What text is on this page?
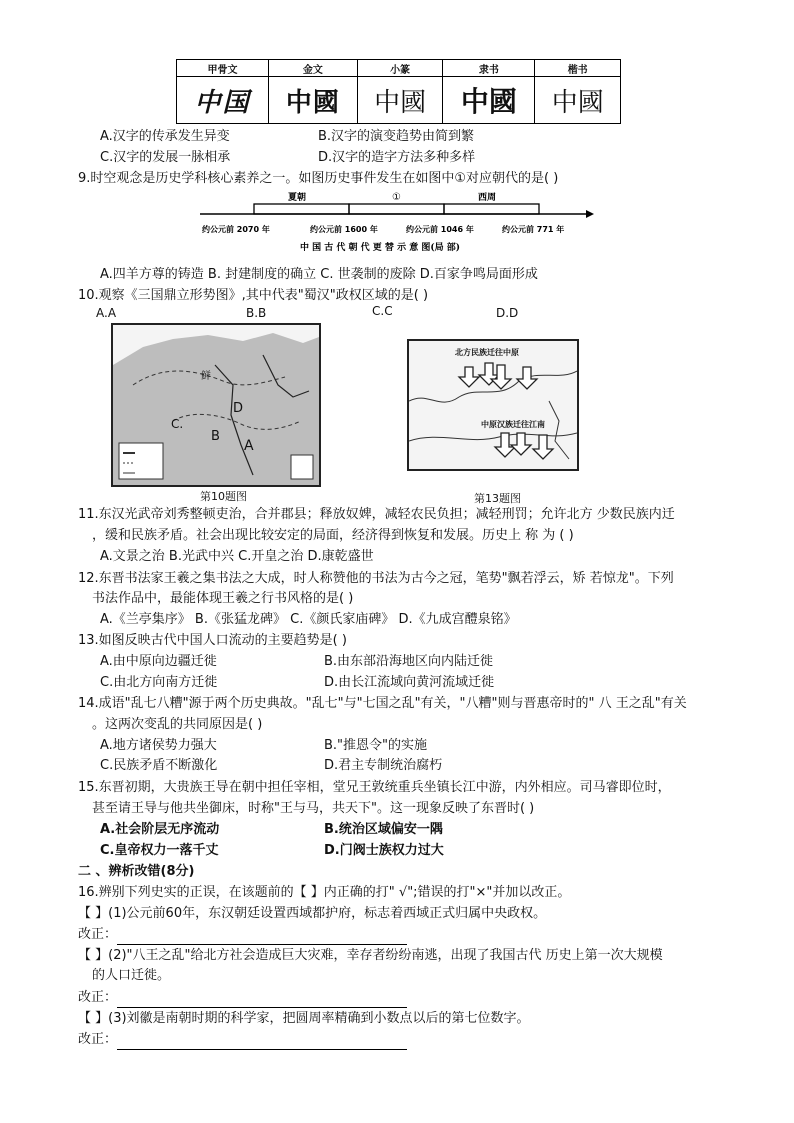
甲骨文	金文	小篆	隶书	楷书
中国	中國	中國	中國	中國
A.汉字的传承发生异变	B.汉字的演变趋势由简到繁
C.汉字的发展一脉相承	D.汉字的造字方法多种多样
9.时空观念是历史学科核心素养之一。如图历史事件发生在如图中①对应朝代的是( )
夏朝	①	西周
约公元前 2070 年	约公元前 1600 年	约公元前 1046 年	约公元前 771 年
中 国 古 代 朝 代 更 替 示 意 图(局 部)
A.四羊方尊的铸造 B. 封建制度的确立 C. 世袭制的废除 D.百家争鸣局面形成
10.观察《三国鼎立形势图》,其中代表"蜀汉"政权区域的是( )
A.A	B.B	C.C	D.D
A
B
C.
D
鲜
第10题图
北方民族迁往中原
中原汉族迁往江南
第13题图
11.东汉光武帝刘秀整顿吏治，合并郡县；释放奴婢，减轻农民负担；减轻刑罚；允许北方 少数民族内迁
，缓和民族矛盾。社会出现比较安定的局面，经济得到恢复和发展。历史上 称 为 ( )
A.文景之治 B.光武中兴 C.开皇之治 D.康乾盛世
12.东晋书法家王羲之集书法之大成，时人称赞他的书法为古今之冠，笔势"飘若浮云，矫 若惊龙"。下列
书法作品中，最能体现王羲之行书风格的是( )
A.《兰亭集序》 B.《张猛龙碑》 C.《颜氏家庙碑》 D.《九成宫醴泉铭》
13.如图反映古代中国人口流动的主要趋势是( )
A.由中原向边疆迁徙	B.由东部沿海地区向内陆迁徙
C.由北方向南方迁徙	D.由长江流域向黄河流域迁徙
14.成语"乱七八糟"源于两个历史典故。"乱七"与"七国之乱"有关，"八糟"则与晋惠帝时的" 八 王之乱"有关
。这两次变乱的共同原因是( )
A.地方诸侯势力强大	B."推恩令"的实施
C.民族矛盾不断激化	D.君主专制统治腐朽
15.东晋初期，大贵族王导在朝中担任宰相，堂兄王敦统重兵坐镇长江中游，内外相应。司马睿即位时，
甚至请王导与他共坐御床，时称"王与马，共天下"。这一现象反映了东晋时( )
A.社会阶层无序流动	B.统治区域偏安一隅
C.皇帝权力一落千丈	D.门阀士族权力过大
二 、辨析改错(8分)
16.辨别下列史实的正误，在该题前的【 】内正确的打" √";错误的打"×"并加以改正。
【 】(1)公元前60年，东汉朝廷设置西域都护府，标志着西域正式归属中央政权。
改正：
【 】(2)"八王之乱"给北方社会造成巨大灾难，幸存者纷纷南逃，出现了我国古代 历史上第一次大规模
的人口迁徙。
改正：
【 】(3)刘徽是南朝时期的科学家，把圆周率精确到小数点以后的第七位数字。
改正：
